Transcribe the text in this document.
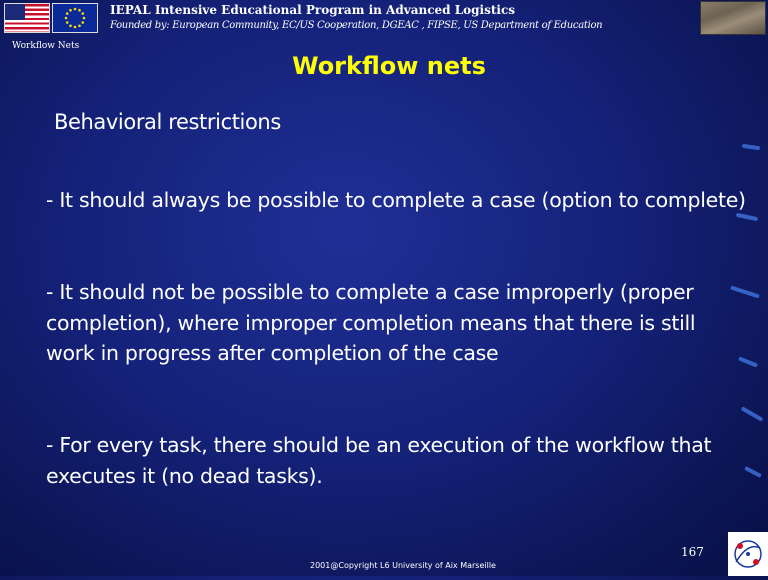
IEPAL Intensive Educational Program in Advanced Logistics
Founded by: European Community, EC/US Cooperation, DGEAC , FIPSE, US Department of Education
Workflow Nets
Workflow nets
Behavioral restrictions
- It should always be possible to complete a case (option to complete)
- It should not be possible to complete a case improperly (proper completion), where improper completion means that there is still work in progress after completion of the case
- For every task, there should be an execution of the workflow that executes it (no dead tasks).
167
2001@Copyright L6 University of Aix Marseille
